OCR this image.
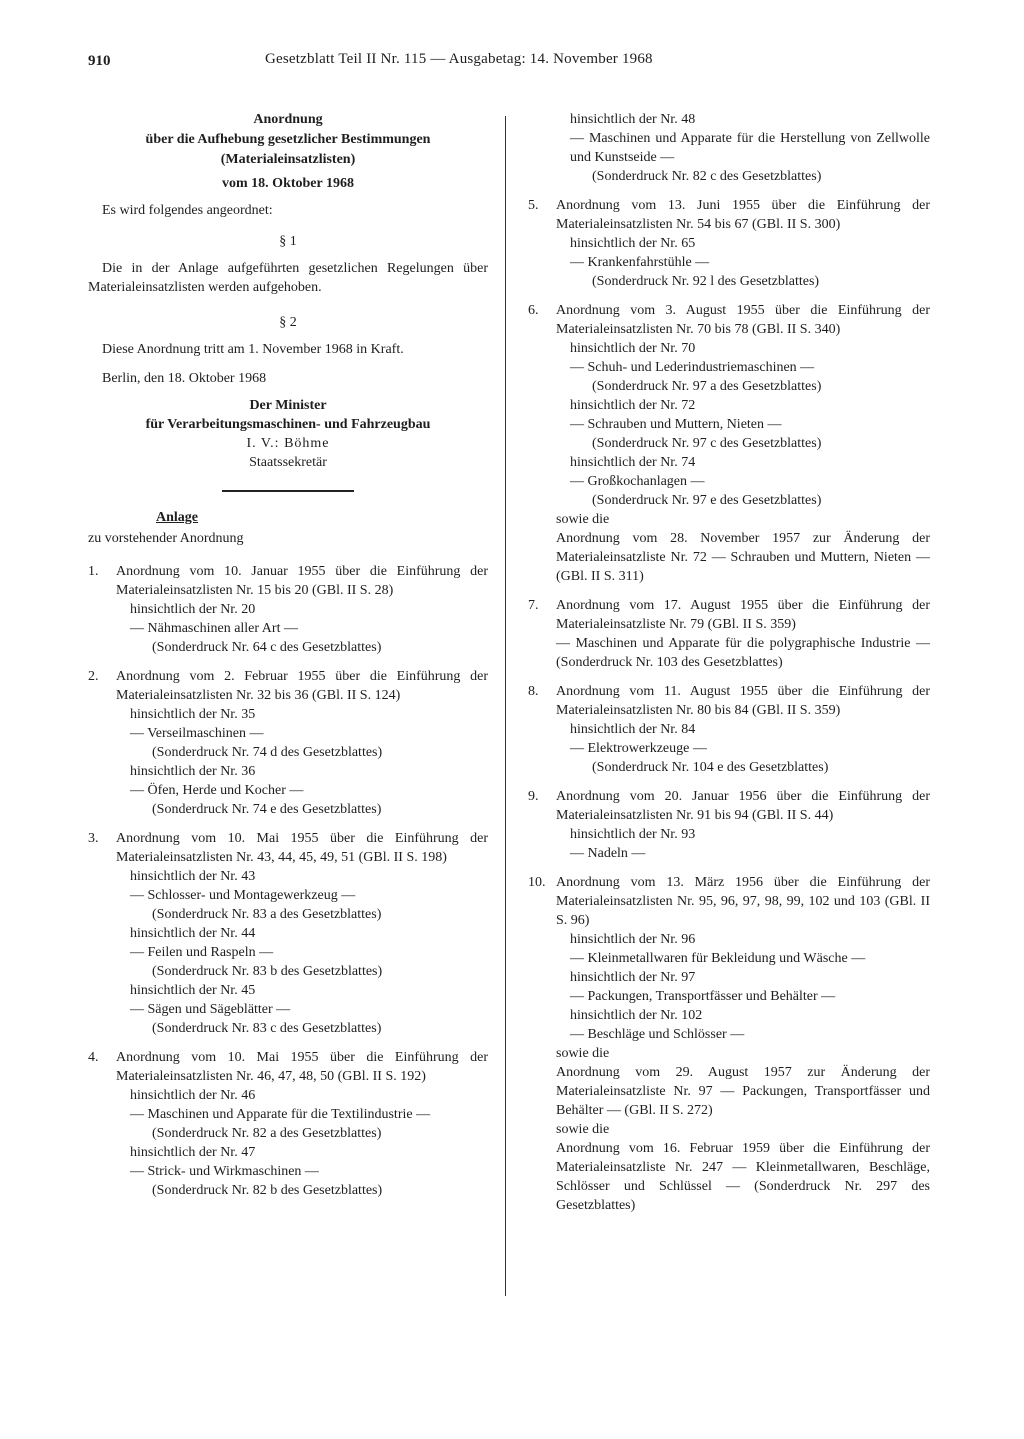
910	Gesetzblatt Teil II Nr. 115 — Ausgabetag: 14. November 1968
Anordnung
über die Aufhebung gesetzlicher Bestimmungen
(Materialeinsatzlisten)
vom 18. Oktober 1968

Es wird folgendes angeordnet:

§ 1

Die in der Anlage aufgeführten gesetzlichen Regelungen über Materialeinsatzlisten werden aufgehoben.

§ 2

Diese Anordnung tritt am 1. November 1968 in Kraft.

Berlin, den 18. Oktober 1968

Der Minister
für Verarbeitungsmaschinen- und Fahrzeugbau
I. V.: Böhme
Staatssekretär
Anlage
zu vorstehender Anordnung
1.	Anordnung vom 10. Januar 1955 über die Einführung der Materialeinsatzlisten Nr. 15 bis 20 (GBl. II S. 28)
hinsichtlich der Nr. 20
— Nähmaschinen aller Art —
(Sonderdruck Nr. 64 c des Gesetzblattes)
2.	Anordnung vom 2. Februar 1955 über die Einführung der Materialeinsatzlisten Nr. 32 bis 36 (GBl. II S. 124)
hinsichtlich der Nr. 35
— Verseilmaschinen —
(Sonderdruck Nr. 74 d des Gesetzblattes)
hinsichtlich der Nr. 36
— Öfen, Herde und Kocher —
(Sonderdruck Nr. 74 e des Gesetzblattes)
3.	Anordnung vom 10. Mai 1955 über die Einführung der Materialeinsatzlisten Nr. 43, 44, 45, 49, 51 (GBl. II S. 198)
hinsichtlich der Nr. 43
— Schlosser- und Montagewerkzeug —
(Sonderdruck Nr. 83 a des Gesetzblattes)
hinsichtlich der Nr. 44
— Feilen und Raspeln —
(Sonderdruck Nr. 83 b des Gesetzblattes)
hinsichtlich der Nr. 45
— Sägen und Sägeblätter —
(Sonderdruck Nr. 83 c des Gesetzblattes)
4.	Anordnung vom 10. Mai 1955 über die Einführung der Materialeinsatzlisten Nr. 46, 47, 48, 50 (GBl. II S. 192)
hinsichtlich der Nr. 46
— Maschinen und Apparate für die Textilindustrie —
(Sonderdruck Nr. 82 a des Gesetzblattes)
hinsichtlich der Nr. 47
— Strick- und Wirkmaschinen —
(Sonderdruck Nr. 82 b des Gesetzblattes)
hinsichtlich der Nr. 48
— Maschinen und Apparate für die Herstellung von Zellwolle und Kunstseide —
(Sonderdruck Nr. 82 c des Gesetzblattes)
5.	Anordnung vom 13. Juni 1955 über die Einführung der Materialeinsatzlisten Nr. 54 bis 67 (GBl. II S. 300)
hinsichtlich der Nr. 65
— Krankenfahrstühle —
(Sonderdruck Nr. 92 l des Gesetzblattes)
6.	Anordnung vom 3. August 1955 über die Einführung der Materialeinsatzlisten Nr. 70 bis 78 (GBl. II S. 340)
hinsichtlich der Nr. 70
— Schuh- und Lederindustriemaschinen —
(Sonderdruck Nr. 97 a des Gesetzblattes)
hinsichtlich der Nr. 72
— Schrauben und Muttern, Nieten —
(Sonderdruck Nr. 97 c des Gesetzblattes)
hinsichtlich der Nr. 74
— Großkochanlagen —
(Sonderdruck Nr. 97 e des Gesetzblattes)
sowie die
Anordnung vom 28. November 1957 zur Änderung der Materialeinsatzliste Nr. 72 — Schrauben und Muttern, Nieten — (GBl. II S. 311)
7.	Anordnung vom 17. August 1955 über die Einführung der Materialeinsatzliste Nr. 79 (GBl. II S. 359)
— Maschinen und Apparate für die polygraphische Industrie — (Sonderdruck Nr. 103 des Gesetzblattes)
8.	Anordnung vom 11. August 1955 über die Einführung der Materialeinsatzlisten Nr. 80 bis 84 (GBl. II S. 359)
hinsichtlich der Nr. 84
— Elektrowerkzeuge —
(Sonderdruck Nr. 104 e des Gesetzblattes)
9.	Anordnung vom 20. Januar 1956 über die Einführung der Materialeinsatzlisten Nr. 91 bis 94 (GBl. II S. 44)
hinsichtlich der Nr. 93
— Nadeln —
10. Anordnung vom 13. März 1956 über die Einführung der Materialeinsatzlisten Nr. 95, 96, 97, 98, 99, 102 und 103 (GBl. II S. 96)
hinsichtlich der Nr. 96
— Kleinmetallwaren für Bekleidung und Wäsche —
hinsichtlich der Nr. 97
— Packungen, Transportfässer und Behälter —
hinsichtlich der Nr. 102
— Beschläge und Schlösser —
sowie die
Anordnung vom 29. August 1957 zur Änderung der Materialeinsatzliste Nr. 97 — Packungen, Transportfässer und Behälter — (GBl. II S. 272)
sowie die
Anordnung vom 16. Februar 1959 über die Einführung der Materialeinsatzliste Nr. 247 — Kleinmetallwaren, Beschläge, Schlösser und Schlüssel — (Sonderdruck Nr. 297 des Gesetzblattes)
